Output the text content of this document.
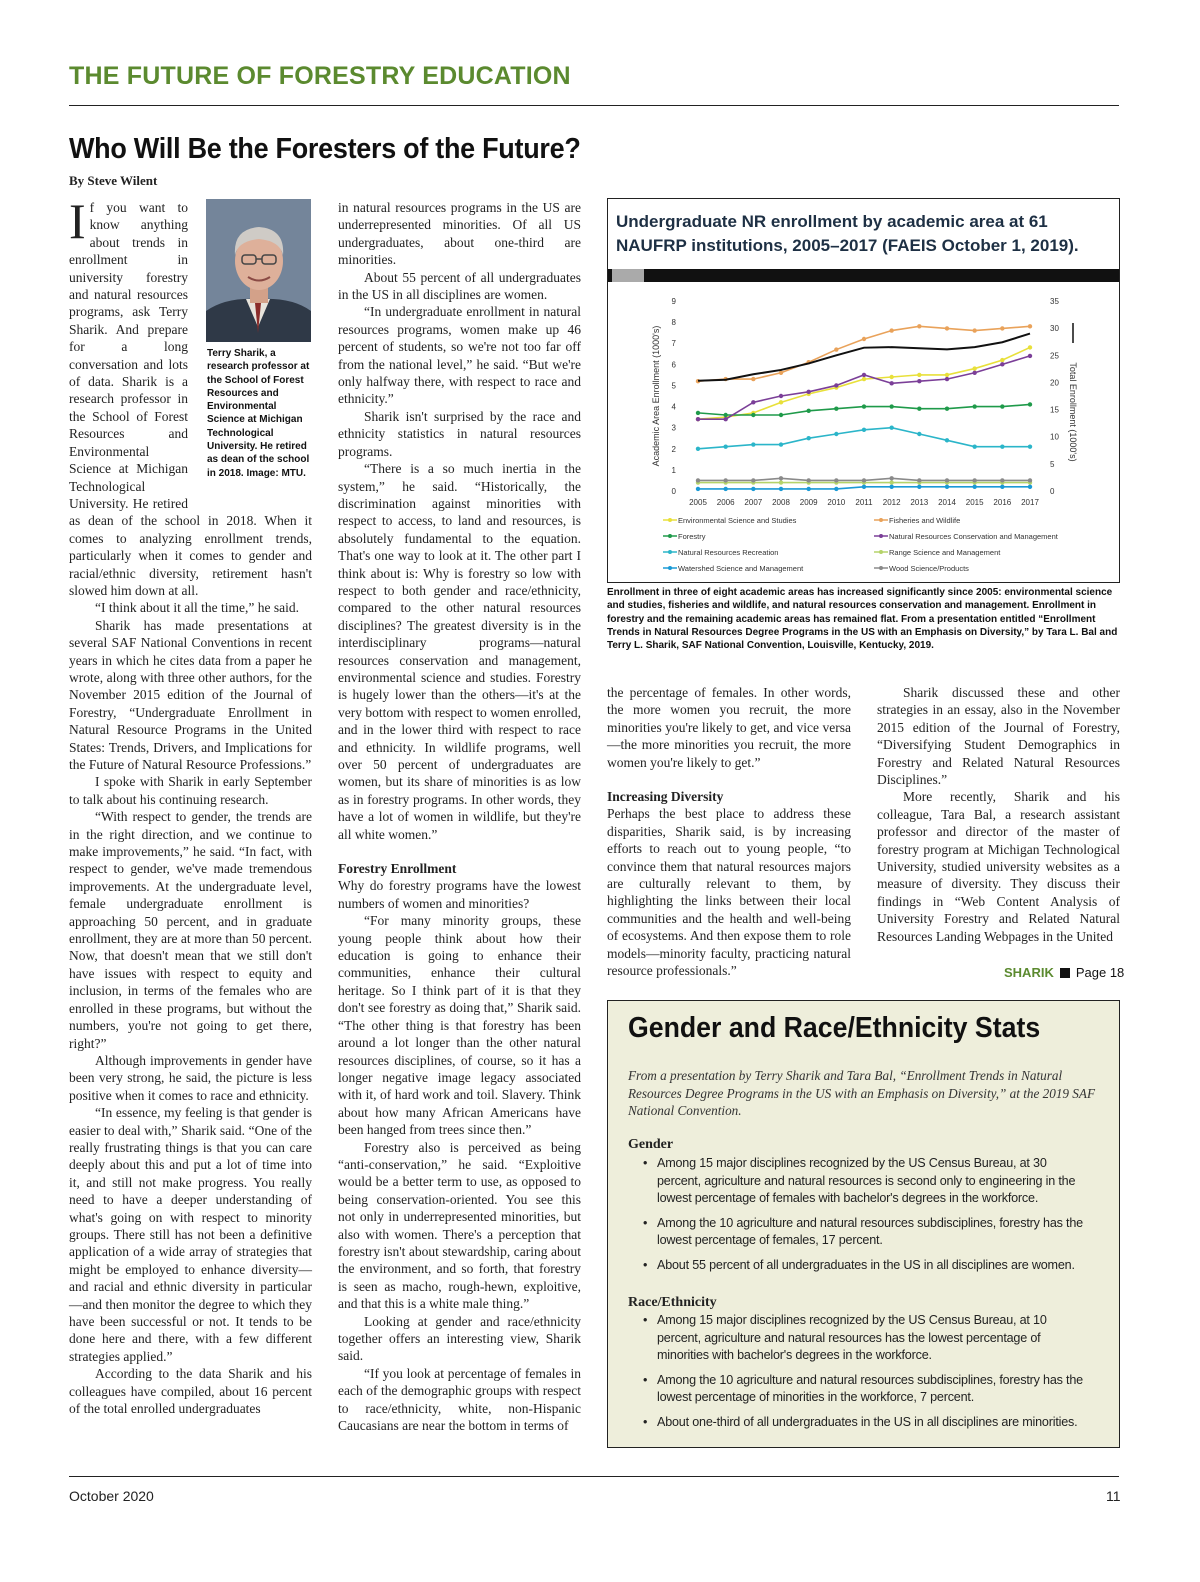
THE FUTURE OF FORESTRY EDUCATION
Who Will Be the Foresters of the Future?
By Steve Wilent

If you want to know anything about trends in enrollment in university forestry and natural resources programs, ask Terry Sharik. And prepare for a long conversation and lots of data. Sharik is a research professor in the School of Forest Resources and Environmental Science at Michigan Technological University. He retired as dean of the school in 2018. When it comes to analyzing enrollment trends, particularly when it comes to gender and racial/ethnic diversity, retirement hasn't slowed him down at all.

“I think about it all the time,” he said.

Sharik has made presentations at several SAF National Conventions in recent years in which he cites data from a paper he wrote, along with three other authors, for the November 2015 edition of the Journal of Forestry, “Undergraduate Enrollment in Natural Resource Programs in the United States: Trends, Drivers, and Implications for the Future of Natural Resource Professions.”

I spoke with Sharik in early September to talk about his continuing research.

“With respect to gender, the trends are in the right direction, and we continue to make improvements,” he said. “In fact, with respect to gender, we've made tremendous improvements. At the undergraduate level, female undergraduate enrollment is approaching 50 percent, and in graduate enrollment, they are at more than 50 percent. Now, that doesn't mean that we still don't have issues with respect to equity and inclusion, in terms of the females who are enrolled in these programs, but without the numbers, you're not going to get there, right?”

Although improvements in gender have been very strong, he said, the picture is less positive when it comes to race and ethnicity.

“In essence, my feeling is that gender is easier to deal with,” Sharik said. “One of the really frustrating things is that you can care deeply about this and put a lot of time into it, and still not make progress. You really need to have a deeper understanding of what's going on with respect to minority groups. There still has not been a definitive application of a wide array of strategies that might be employed to enhance diversity—and racial and ethnic diversity in particular—and then monitor the degree to which they have been successful or not. It tends to be done here and there, with a few different strategies applied.”

According to the data Sharik and his colleagues have compiled, about 16 percent of the total enrolled undergraduates

Terry Sharik, a research professor at the School of Forest Resources and Environmental Science at Michigan Technological University. He retired as dean of the school in 2018. Image: MTU.

in natural resources programs in the US are underrepresented minorities. Of all US undergraduates, about one-third are minorities.

About 55 percent of all undergraduates in the US in all disciplines are women.

“In undergraduate enrollment in natural resources programs, women make up 46 percent of students, so we're not too far off from the national level,” he said. “But we're only halfway there, with respect to race and ethnicity.”

Sharik isn't surprised by the race and ethnicity statistics in natural resources programs.

“There is a so much inertia in the system,” he said. “Historically, the discrimination against minorities with respect to access, to land and resources, is absolutely fundamental to the equation. That's one way to look at it. The other part I think about is: Why is forestry so low with respect to both gender and race/ethnicity, compared to the other natural resources disciplines? The greatest diversity is in the interdisciplinary programs—natural resources conservation and management, environmental science and studies. Forestry is hugely lower than the others—it's at the very bottom with respect to women enrolled, and in the lower third with respect to race and ethnicity. In wildlife programs, well over 50 percent of undergraduates are women, but its share of minorities is as low as in forestry programs. In other words, they have a lot of women in wildlife, but they're all white women.”

Forestry Enrollment

Why do forestry programs have the lowest numbers of women and minorities?

“For many minority groups, these young people think about how their education is going to enhance their communities, enhance their cultural heritage. So I think part of it is that they don't see forestry as doing that,” Sharik said. “The other thing is that forestry has been around a lot longer than the other natural resources disciplines, of course, so it has a longer negative image legacy associated with it, of hard work and toil. Slavery. Think about how many African Americans have been hanged from trees since then.”

Forestry also is perceived as being “anti-conservation,” he said. “Exploitive would be a better term to use, as opposed to being conservation-oriented. You see this not only in underrepresented minorities, but also with women. There's a perception that forestry isn't about stewardship, caring about the environment, and so forth, that forestry is seen as macho, rough-hewn, exploitive, and that this is a white male thing.”

Looking at gender and race/ethnicity together offers an interesting view, Sharik said.

“If you look at percentage of females in each of the demographic groups with respect to race/ethnicity, white, non-Hispanic Caucasians are near the bottom in terms of

Undergraduate NR enrollment by academic area at 61 NAUFRP institutions, 2005–2017 (FAEIS October 1, 2019).
0
1
2
3
4
5
6
7
8
9
0
5
10
15
20
25
30
35
2005 2006 2007 2008 2009 2010 2011 2012 2013 2014 2015 2016 2017
Academic Area Enrollment (1000's)	Total Enrollment (1000's)
Environmental Science and Studies	Fisheries and Wildlife
Forestry	Natural Resources Conservation and Management
Natural Resources Recreation	Range Science and Management
Watershed Science and Management	Wood Science/Products
Enrollment in three of eight academic areas has increased significantly since 2005: environmental science and studies, fisheries and wildlife, and natural resources conservation and management. Enrollment in forestry and the remaining academic areas has remained flat. From a presentation entitled “Enrollment Trends in Natural Resources Degree Programs in the US with an Emphasis on Diversity,” by Tara L. Bal and Terry L. Sharik, SAF National Convention, Louisville, Kentucky, 2019.

the percentage of females. In other words, the more women you recruit, the more minorities you're likely to get, and vice versa—the more minorities you recruit, the more women you're likely to get.”

Increasing Diversity

Perhaps the best place to address these disparities, Sharik said, is by increasing efforts to reach out to young people, “to convince them that natural resources majors are culturally relevant to them, by highlighting the links between their local communities and the health and well-being of ecosystems. And then expose them to role models—minority faculty, practicing natural resource professionals.”

Sharik discussed these and other strategies in an essay, also in the November 2015 edition of the Journal of Forestry, “Diversifying Student Demographics in Forestry and Related Natural Resources Disciplines.”

More recently, Sharik and his colleague, Tara Bal, a research assistant professor and director of the master of forestry program at Michigan Technological University, studied university websites as a measure of diversity. They discuss their findings in “Web Content Analysis of University Forestry and Related Natural Resources Landing Webpages in the United

SHARIK Page 18
Gender and Race/Ethnicity Stats
From a presentation by Terry Sharik and Tara Bal, “Enrollment Trends in Natural Resources Degree Programs in the US with an Emphasis on Diversity,” at the 2019 SAF National Convention.
Gender
• Among 15 major disciplines recognized by the US Census Bureau, at 30 percent, agriculture and natural resources is second only to engineering in the lowest percentage of females with bachelor's degrees in the workforce.
• Among the 10 agriculture and natural resources subdisciplines, forestry has the lowest percentage of females, 17 percent.
• About 55 percent of all undergraduates in the US in all disciplines are women.
Race/Ethnicity
• Among 15 major disciplines recognized by the US Census Bureau, at 10 percent, agriculture and natural resources has the lowest percentage of minorities with bachelor's degrees in the workforce.
• Among the 10 agriculture and natural resources subdisciplines, forestry has the lowest percentage of minorities in the workforce, 7 percent.
• About one-third of all undergraduates in the US in all disciplines are minorities.
October 2020	11
